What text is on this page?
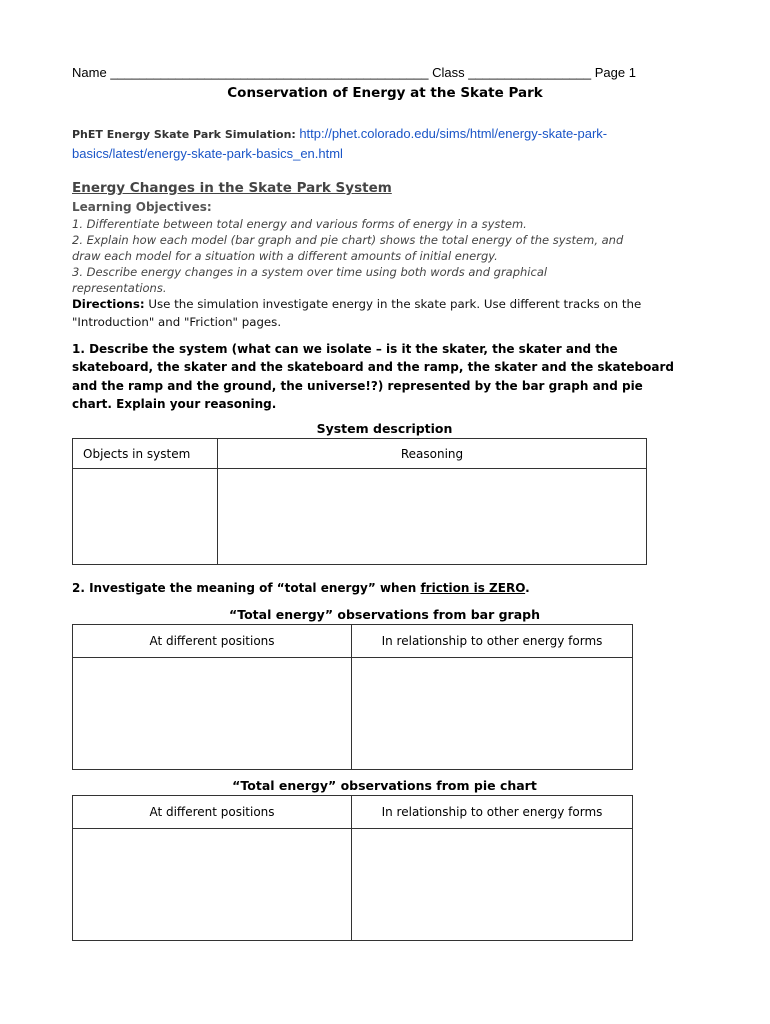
Name ____________________________________________ Class _________________ Page 1
Conservation of Energy at the Skate Park
PhET Energy Skate Park Simulation: http://phet.colorado.edu/sims/html/energy-skate-park-
basics/latest/energy-skate-park-basics_en.html
Energy Changes in the Skate Park System
Learning Objectives:
1. Differentiate between total energy and various forms of energy in a system.
2. Explain how each model (bar graph and pie chart) shows the total energy of the system, and
draw each model for a situation with a different amounts of initial energy.
3. Describe energy changes in a system over time using both words and graphical
representations.
Directions: Use the simulation investigate energy in the skate park. Use different tracks on the
"Introduction" and "Friction" pages.
1. Describe the system (what can we isolate – is it the skater, the skater and the
skateboard, the skater and the skateboard and the ramp, the skater and the skateboard
and the ramp and the ground, the universe!?) represented by the bar graph and pie
chart. Explain your reasoning.
System description
Objects in system	Reasoning

2. Investigate the meaning of “total energy” when friction is ZERO.
“Total energy” observations from bar graph
At different positions	In relationship to other energy forms

“Total energy” observations from pie chart
At different positions	In relationship to other energy forms
